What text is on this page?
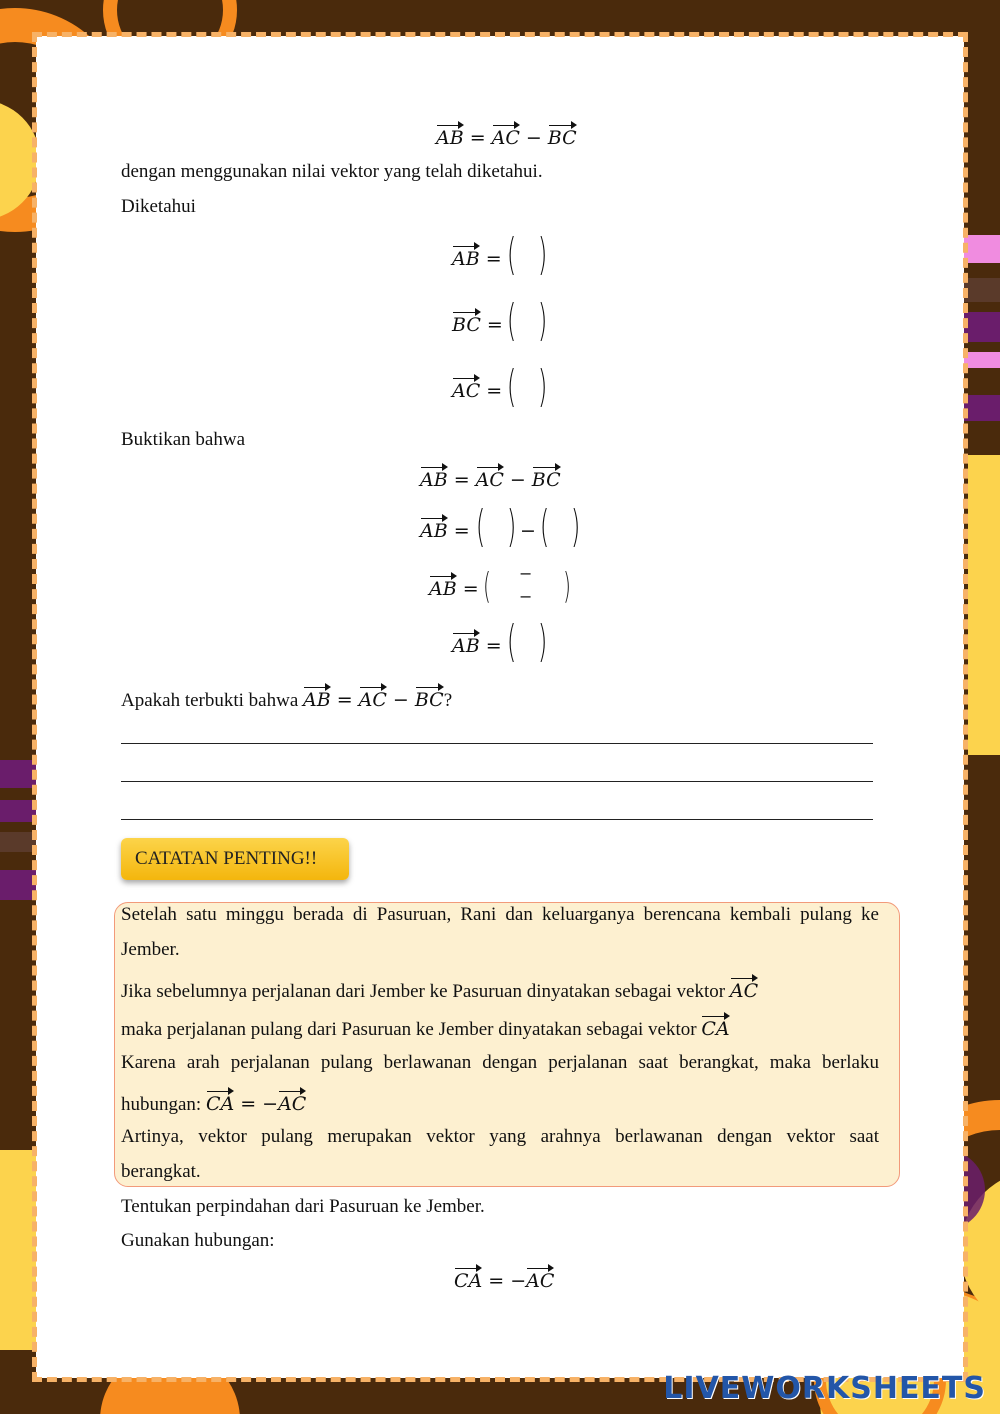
AB = AC − BC
dengan menggunakan nilai vektor yang telah diketahui.
Diketahui
AB = ( )
BC = ( )
AC = ( )
Buktikan bahwa
AB = AC − BC
AB = ( ) − ( )
AB = ( −
− )
AB = ( )
Apakah terbukti bahwa AB = AC − BC?
CATATAN PENTING!!
Setelah satu minggu berada di Pasuruan, Rani dan keluarganya berencana kembali pulang ke
Jember.
Jika sebelumnya perjalanan dari Jember ke Pasuruan dinyatakan sebagai vektor AC
maka perjalanan pulang dari Pasuruan ke Jember dinyatakan sebagai vektor CA
Karena arah perjalanan pulang berlawanan dengan perjalanan saat berangkat, maka berlaku
hubungan: CA = −AC
Artinya, vektor pulang merupakan vektor yang arahnya berlawanan dengan vektor saat
berangkat.
Tentukan perpindahan dari Pasuruan ke Jember.
Gunakan hubungan:
CA = −AC
LIVEWORKSHEETS
